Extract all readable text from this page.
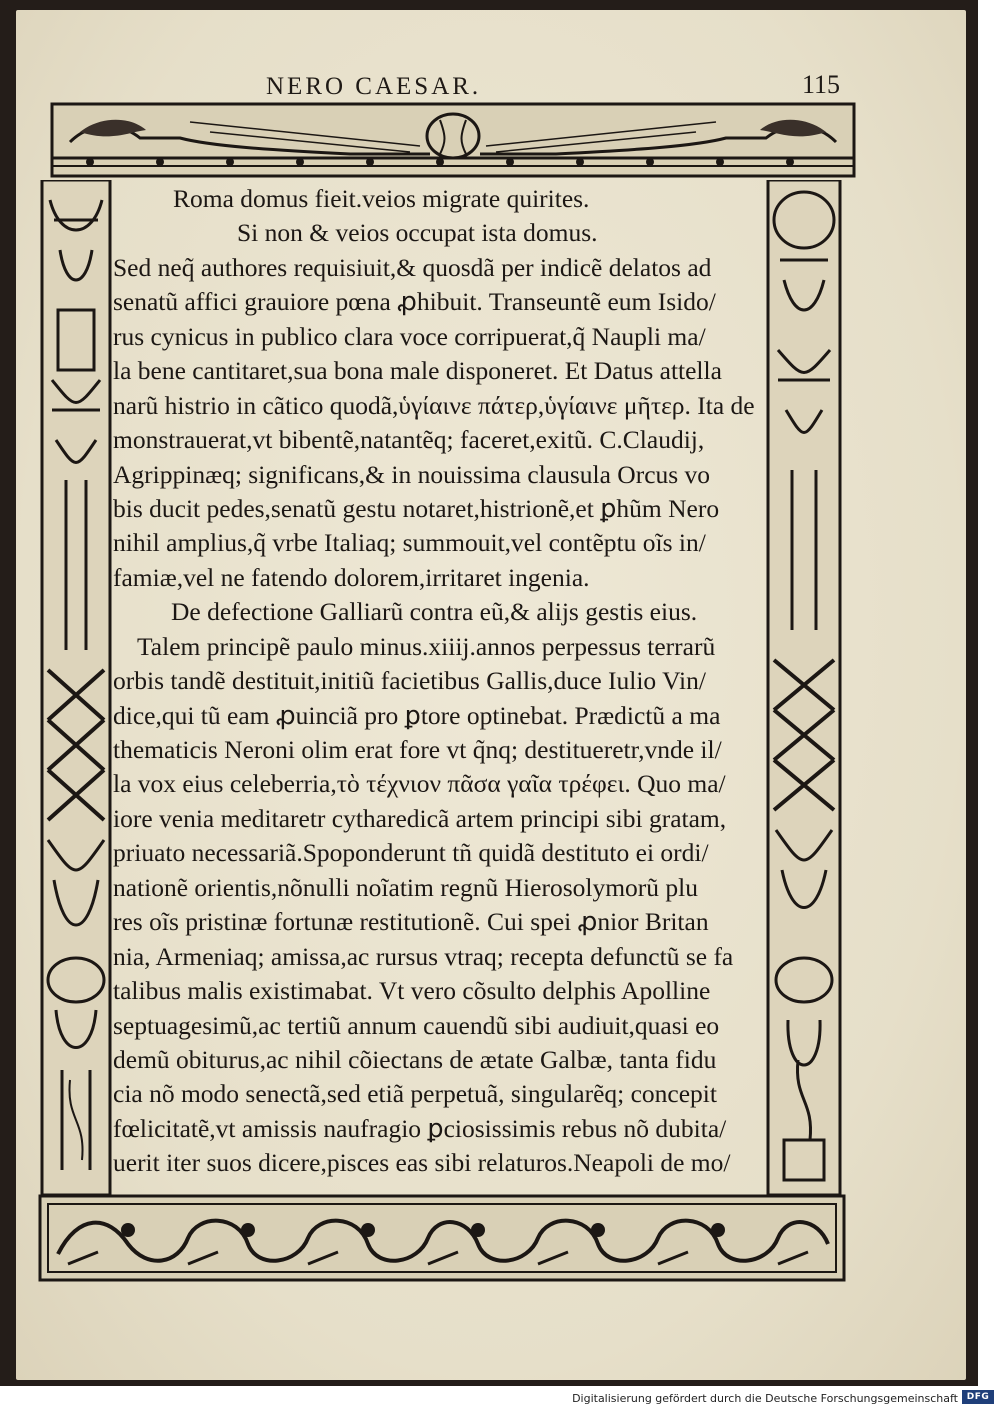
NERO CAESAR.	115
Roma domus fieit.veios migrate quirites.
Si non & veios occupat ista domus.
Sed neq̃ authores requisiuit,& quosdã per indicẽ delatos ad
senatũ affici grauiore pœna ꝓhibuit. Transeuntẽ eum Isido/
rus cynicus in publico clara voce corripuerat,q̃ Naupli ma/
la bene cantitaret,sua bona male disponeret. Et Datus attella
narũ histrio in cãtico quodã,ὑγίαινε πάτερ,ὑγίαινε μῆτερ. Ita de
monstrauerat,vt bibentẽ,natantẽq; faceret,exitũ. C.Claudij,
Agrippinæq; significans,& in nouissima clausula Orcus vo
bis ducit pedes,senatũ gestu notaret,histrionẽ,et ꝑhũm Nero
nihil amplius,q̃ vrbe Italiaq; summouit,vel contẽptu oĩs in/
famiæ,vel ne fatendo dolorem,irritaret ingenia.
De defectione Galliarũ contra eũ,& alijs gestis eius.
Talem principẽ paulo minus.xiiij.annos perpessus terrarũ
orbis tandẽ destituit,initiũ facietibus Gallis,duce Iulio Vin/
dice,qui tũ eam ꝓuinciã pro ꝑtore optinebat. Prædictũ a ma
thematicis Neroni olim erat fore vt q̃nq; destitueretr,vnde il/
la vox eius celeberria,τὸ τέχνιον πᾶσα γαῖα τρέφει. Quo ma/
iore venia meditaretr cytharedicã artem principi sibi gratam,
priuato necessariã.Spoponderunt tñ quidã destituto ei ordi/
nationẽ orientis,nõnulli noĩatim regnũ Hierosolymorũ plu
res oĩs pristinæ fortunæ restitutionẽ. Cui spei ꝓnior Britan
nia, Armeniaq; amissa,ac rursus vtraq; recepta defunctũ se fa
talibus malis existimabat. Vt vero cõsulto delphis Apolline
septuagesimũ,ac tertiũ annum cauendũ sibi audiuit,quasi eo
demũ obiturus,ac nihil cõiectans de ætate Galbæ, tanta fidu
cia nõ modo senectã,sed etiã perpetuã, singularẽq; concepit
fœlicitatẽ,vt amissis naufragio ꝑciosissimis rebus nõ dubita/
uerit iter suos dicere,pisces eas sibi relaturos.Neapoli de mo/
Digitalisierung gefördert durch die Deutsche Forschungsgemeinschaft DFG
